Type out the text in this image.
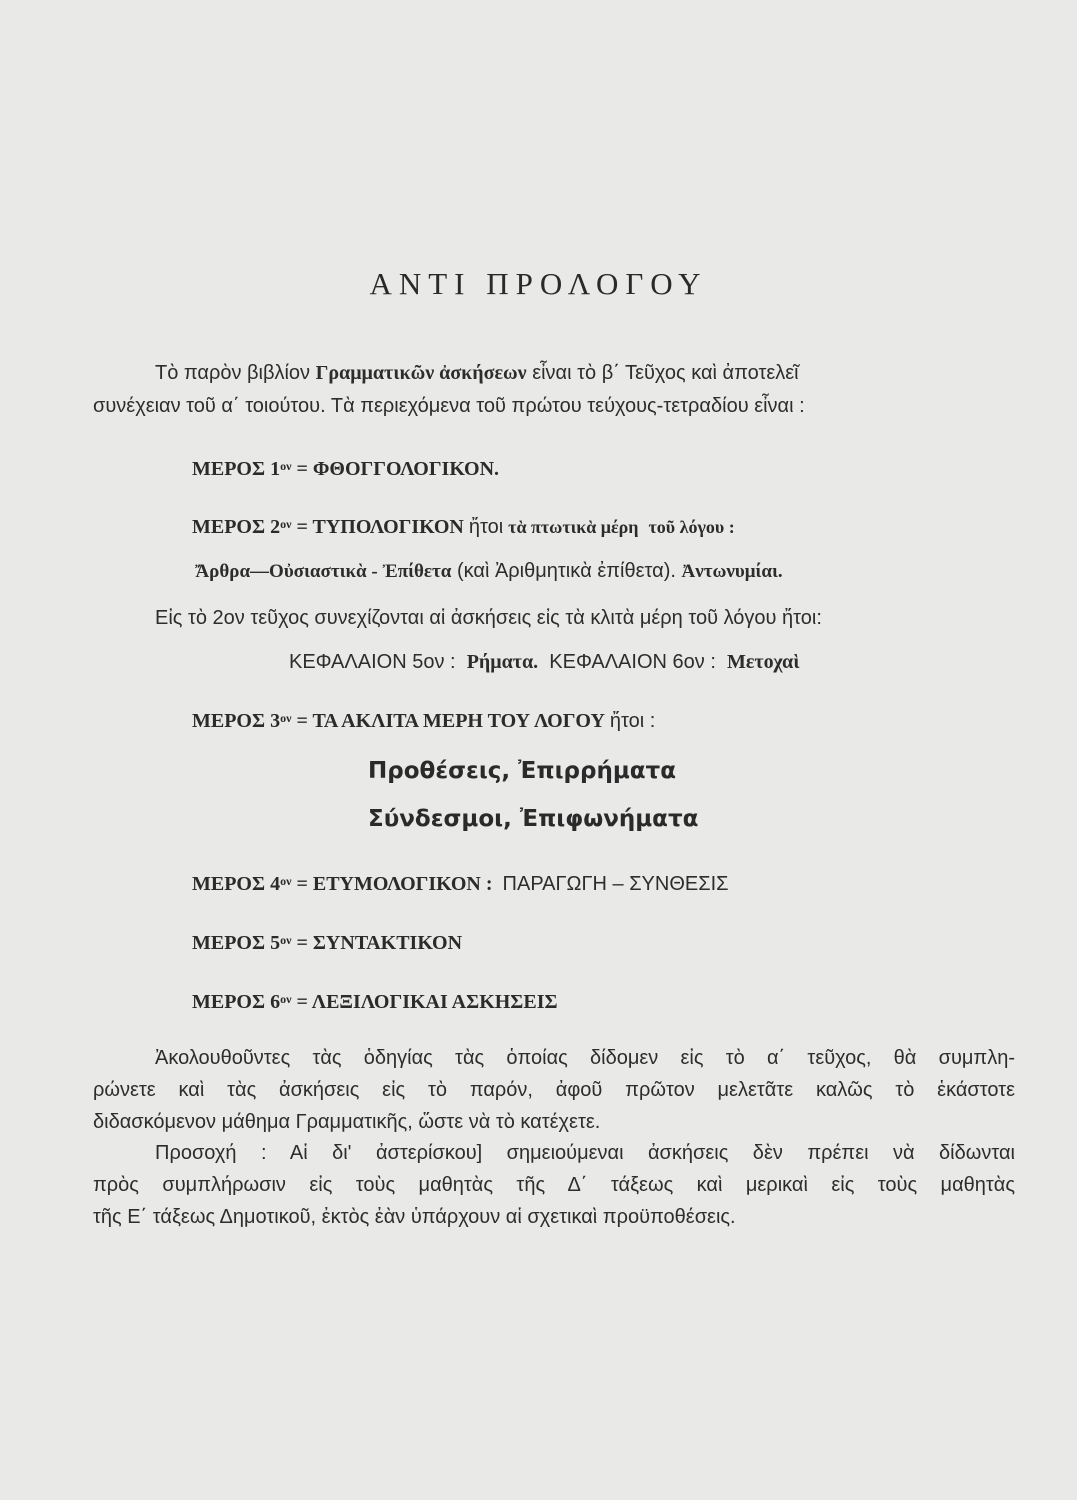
ΑΝΤΙ ΠΡΟΛΟΓΟΥ
Τὸ παρὸν βιβλίον Γραμματικῶν ἀσκήσεων εἶναι τὸ β΄ Τεῦχος καὶ ἀποτελεῖ
συνέχειαν τοῦ α΄ τοιούτου. Τὰ περιεχόμενα τοῦ πρώτου τεύχους-τετραδίου εἶναι :
ΜΕΡΟΣ $1^{o\nu} = \Phi\Theta O\Gamma\Gamma O\Lambda O\Gamma IKON$.
ΜΕΡΟΣ $2^{o\nu} = T\Upsilon\Pi O\Lambda O\Gamma IKON$ ἤτοι τὰ πτωτικὰ μέρη τοῦ λόγου :
Ἄρθρα—Οὐσιαστικὰ - Ἐπίθετα (καὶ Ἀριθμητικὰ ἐπίθετα). Ἀντωνυμίαι.
Εἰς τὸ 2ον τεῦχος συνεχίζονται αἱ ἀσκήσεις εἰς τὰ κλιτὰ μέρη τοῦ λόγου ἤτοι:
ΚΕΦΑΛΑΙΟΝ 5ον : Ρήματα. ΚΕΦΑΛΑΙΟΝ 6ον : Μετοχαὶ
ΜΕΡΟΣ $3^{o\nu} = TA$ ΑΚΛΙΤΑ ΜΕΡΗ ΤΟΥ ΛΟΓΟΥ ἤτοι :
Προθέσεις, Ἐπιρρήματα
Σύνδεσμοι, Ἐπιφωνήματα
ΜΕΡΟΣ $4^{o\nu} = ET\Upsilon MO\Lambda O\Gamma IKON$ : ΠΑΡΑΓΩΓΗ – ΣΥΝΘΕΣΙΣ
ΜΕΡΟΣ $5^{o\nu} = \Sigma\Upsilon NTAKTIKON$
ΜΕΡΟΣ $6^{o\nu} = \Lambda E\Xi I\Lambda O\Gamma IKAI$ ΑΣΚΗΣΕΙΣ
Ἀκολουθοῦντες τὰς ὁδηγίας τὰς ὁποίας δίδομεν εἰς τὸ α΄ τεῦχος, θὰ συμπλη-
ρώνετε καὶ τὰς ἀσκήσεις εἰς τὸ παρόν, ἀφοῦ πρῶτον μελετᾶτε καλῶς τὸ ἑκάστοτε
διδασκόμενον μάθημα Γραμματικῆς, ὥστε νὰ τὸ κατέχετε.
Προσοχή : Αἱ δι' ἀστερίσκου] σημειούμεναι ἀσκήσεις δὲν πρέπει νὰ δίδωνται
πρὸς συμπλήρωσιν εἰς τοὺς μαθητὰς τῆς Δ΄ τάξεως καὶ μερικαὶ εἰς τοὺς μαθητὰς
τῆς Ε΄ τάξεως Δημοτικοῦ, ἐκτὸς ἐὰν ὑπάρχουν αἱ σχετικαὶ προϋποθέσεις.
